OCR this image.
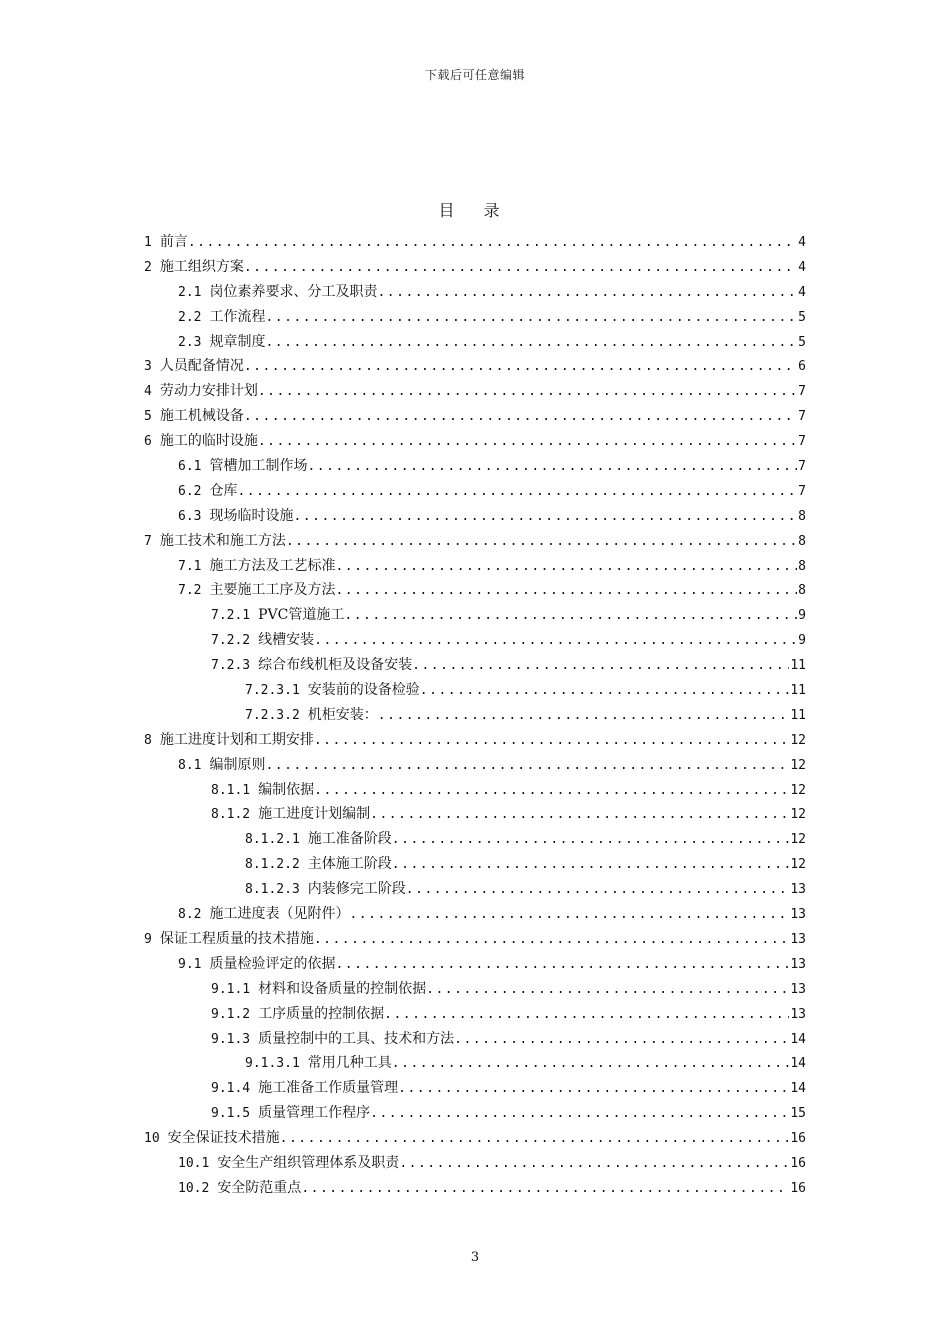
下载后可任意编辑
目 录
1 前言 .....	4
2 施工组织方案 .....	4
2.1 岗位素养要求、分工及职责 .....	4
2.2 工作流程 .....	5
2.3 规章制度 .....	5
3 人员配备情况 .....	6
4 劳动力安排计划 .....	7
5 施工机械设备 .....	7
6 施工的临时设施 .....	7
6.1 管槽加工制作场 .....	7
6.2 仓库 .....	7
6.3 现场临时设施 .....	8
7 施工技术和施工方法 .....	8
7.1 施工方法及工艺标准 .....	8
7.2 主要施工工序及方法 .....	8
7.2.1 PVC管道施工 .....	9
7.2.2 线槽安装 .....	9
7.2.3 综合布线机柜及设备安装 .....	11
7.2.3.1 安装前的设备检验 .....	11
7.2.3.2 机柜安装： .....	11
8 施工进度计划和工期安排 .....	12
8.1 编制原则 .....	12
8.1.1 编制依据 .....	12
8.1.2 施工进度计划编制 .....	12
8.1.2.1 施工准备阶段 .....	12
8.1.2.2 主体施工阶段 .....	12
8.1.2.3 内装修完工阶段 .....	13
8.2 施工进度表（见附件） .....	13
9 保证工程质量的技术措施 .....	13
9.1 质量检验评定的依据 .....	13
9.1.1 材料和设备质量的控制依据 .....	13
9.1.2 工序质量的控制依据 .....	13
9.1.3 质量控制中的工具、技术和方法 .....	14
9.1.3.1 常用几种工具 .....	14
9.1.4 施工准备工作质量管理 .....	14
9.1.5 质量管理工作程序 .....	15
10 安全保证技术措施 .....	16
10.1 安全生产组织管理体系及职责 .....	16
10.2 安全防范重点 .....	16
3
